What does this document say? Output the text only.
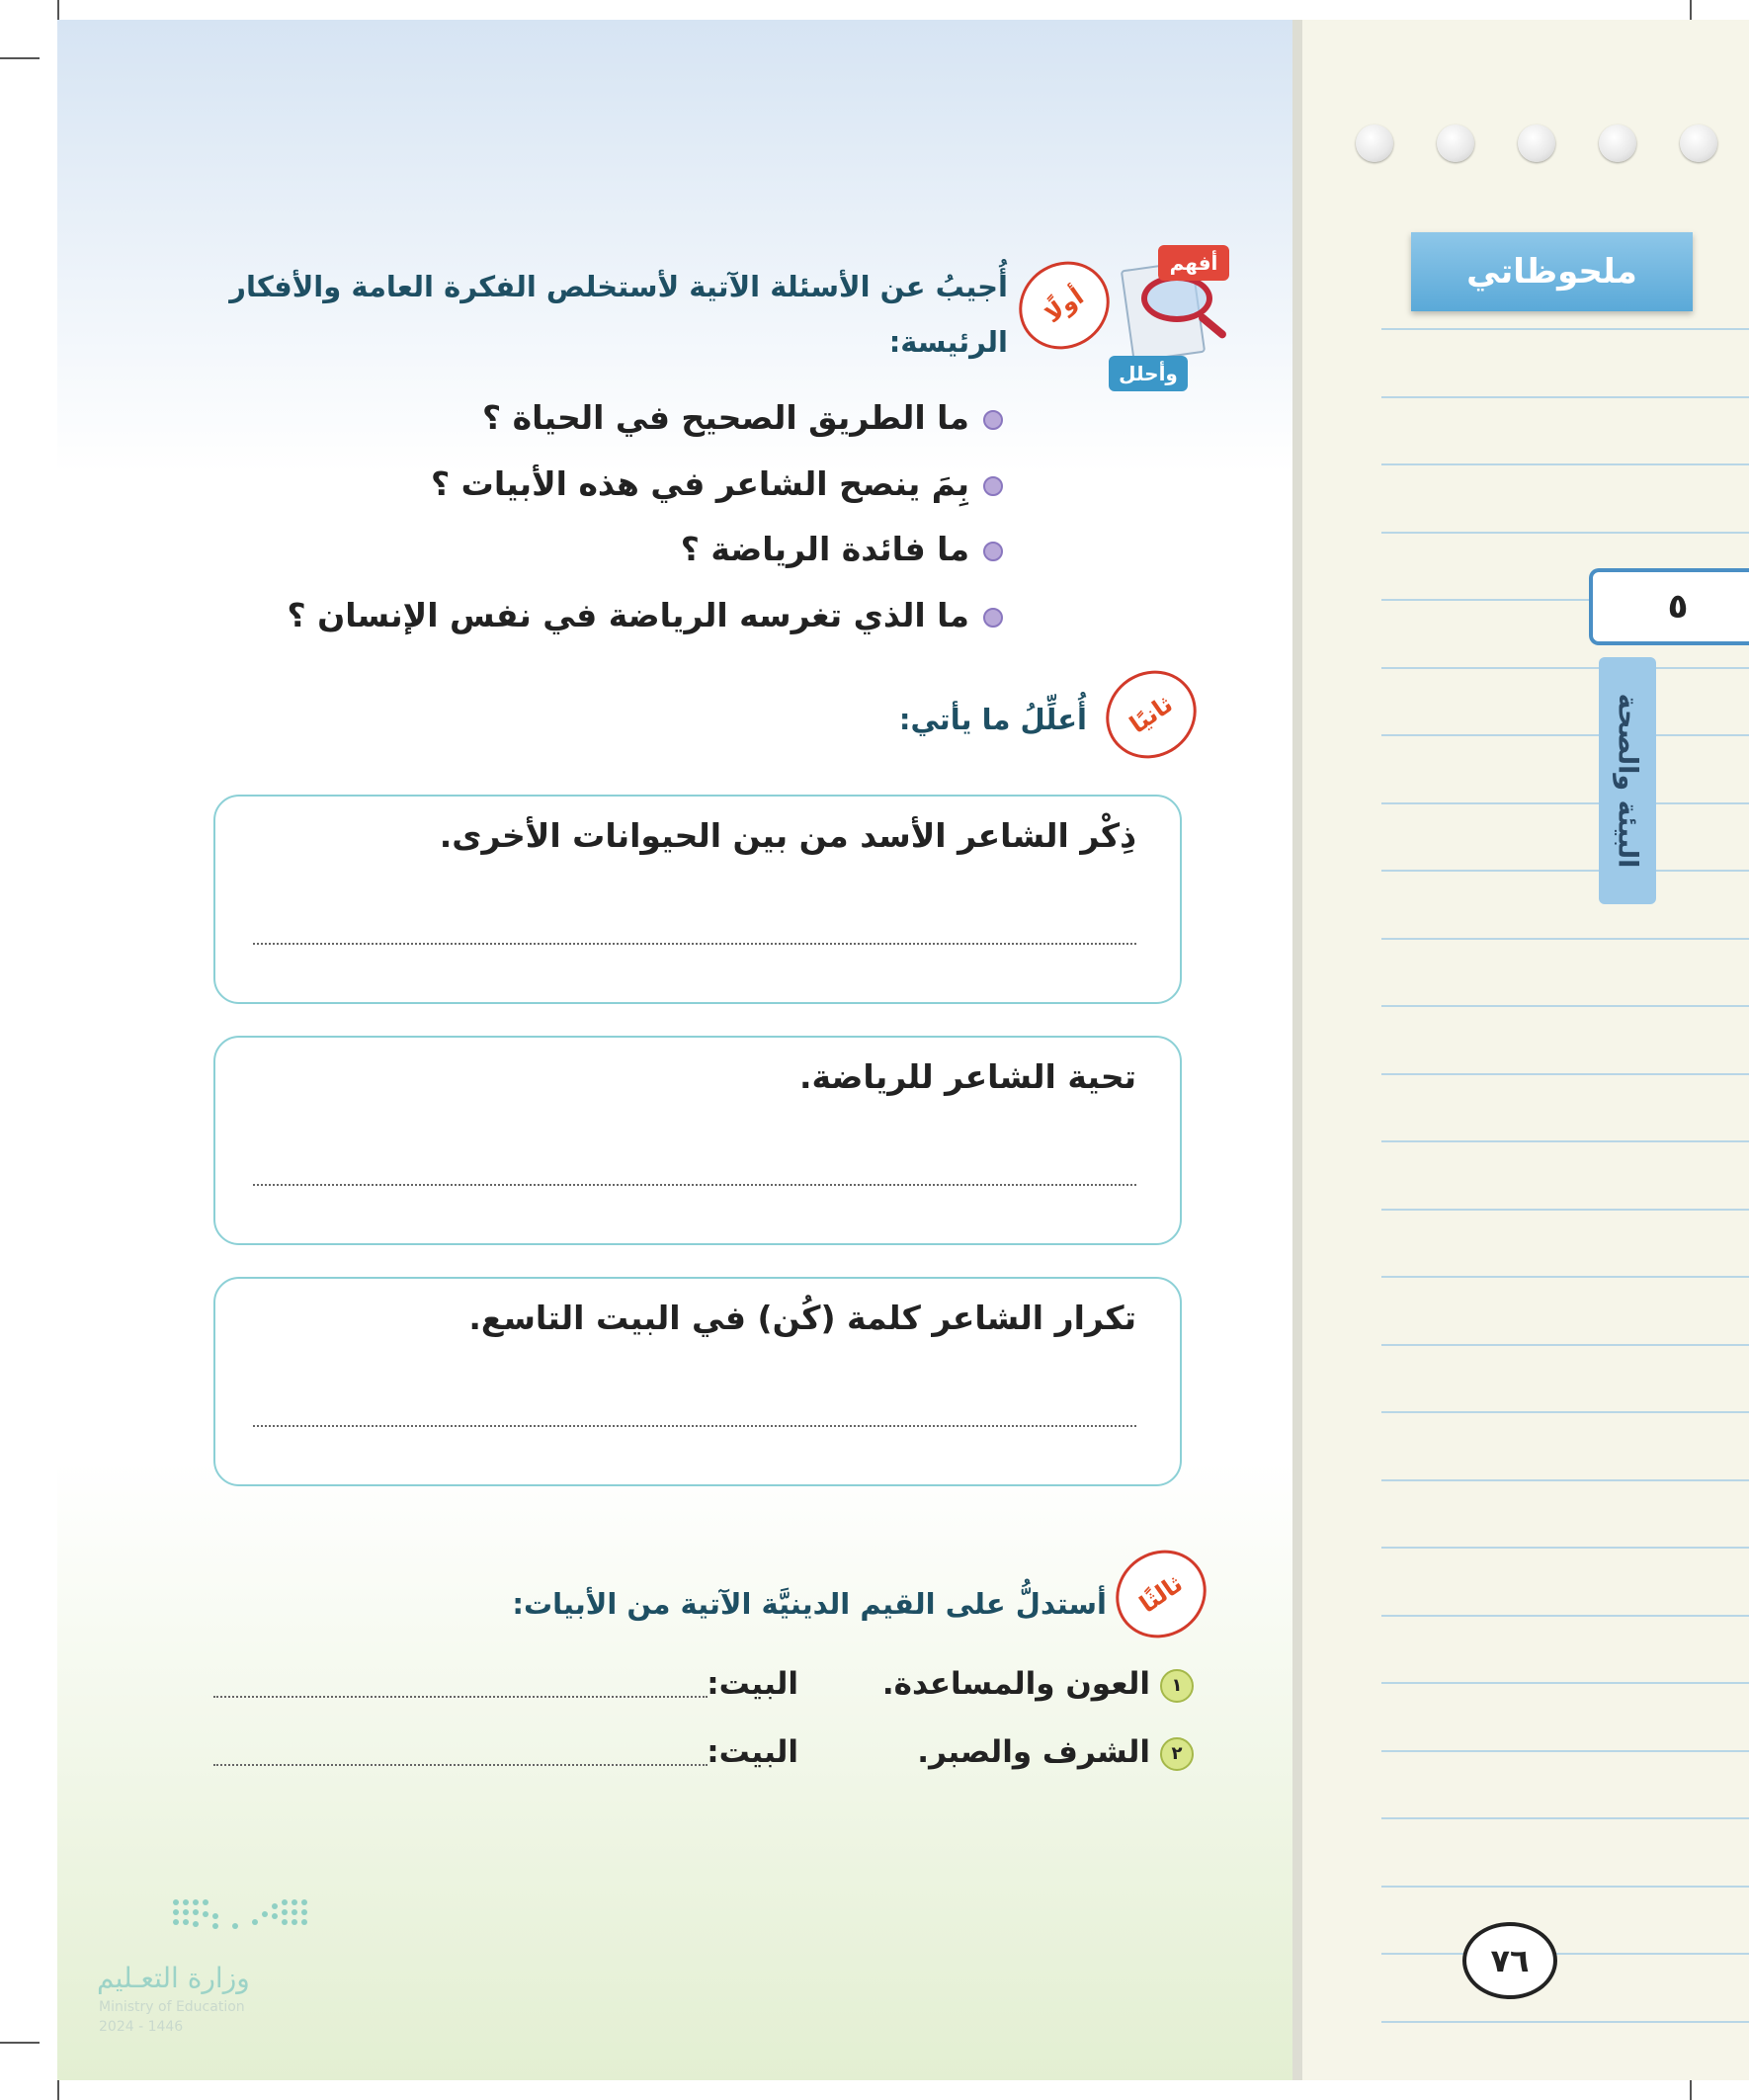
أفهم
وأحلل
أولًا
أُجيبُ عن الأسئلة الآتية لأستخلص الفكرة العامة والأفكار
الرئيسة:
ما الطريق الصحيح في الحياة ؟
بِمَ ينصح الشاعر في هذه الأبيات ؟
ما فائدة الرياضة ؟
ما الذي تغرسه الرياضة في نفس الإنسان ؟
ثانيًا
أُعلِّلُ ما يأتي:
ذِكْر الشاعر الأسد من بين الحيوانات الأخرى.
تحية الشاعر للرياضة.
تكرار الشاعر كلمة (كُن) في البيت التاسع.
ثالثًا
أستدلُّ على القيم الدينيَّة الآتية من الأبيات:
١العون والمساعدة.
البيت:
٢الشرف والصبر.
البيت:
وزارة التعـليم
Ministry of Education
2024 - 1446
ملحوظاتي
٥
البيئة والصحة
٧٦
